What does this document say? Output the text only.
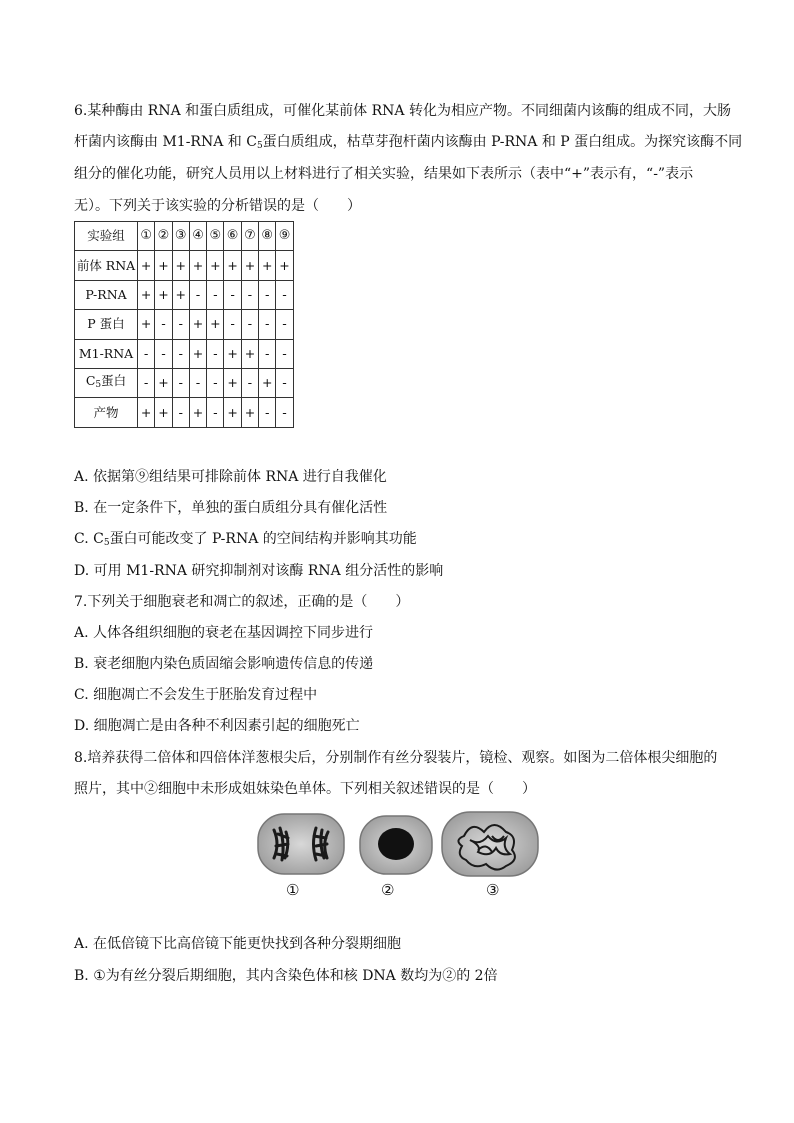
6.某种酶由 RNA 和蛋白质组成，可催化某前体 RNA 转化为相应产物。不同细菌内该酶的组成不同，大肠
杆菌内该酶由 M1-RNA 和 $C_5$蛋白质组成，枯草芽孢杆菌内该酶由 P-RNA 和 P 蛋白组成。为探究该酶不同
组分的催化功能，研究人员用以上材料进行了相关实验，结果如下表所示（表中“+”表示有，“-”表示
无）。下列关于该实验的分析错误的是（　　）
实验组	①	②	③	④	⑤	⑥	⑦	⑧	⑨
前体 RNA	+	+	+	+	+	+	+	+	+
P-RNA	+	+	+	-	-	-	-	-	-
P 蛋白	+	-	-	+	+	-	-	-	-
M1-RNA	-	-	-	+	-	+	+	-	-
$C_5$蛋白	-	+	-	-	-	+	-	+	-
产物	+	+	-	+	-	+	+	-	-
A. 依据第⑨组结果可排除前体 RNA 进行自我催化
B. 在一定条件下，单独的蛋白质组分具有催化活性
C. $C_5$蛋白可能改变了 P-RNA 的空间结构并影响其功能
D. 可用 M1-RNA 研究抑制剂对该酶 RNA 组分活性的影响
7.下列关于细胞衰老和凋亡的叙述，正确的是（　　）
A. 人体各组织细胞的衰老在基因调控下同步进行
B. 衰老细胞内染色质固缩会影响遗传信息的传递
C. 细胞凋亡不会发生于胚胎发育过程中
D. 细胞凋亡是由各种不利因素引起的细胞死亡
8.培养获得二倍体和四倍体洋葱根尖后，分别制作有丝分裂装片，镜检、观察。如图为二倍体根尖细胞的
照片，其中②细胞中未形成姐妹染色单体。下列相关叙述错误的是（　　）
①	②	③
A. 在低倍镜下比高倍镜下能更快找到各种分裂期细胞
B. ①为有丝分裂后期细胞，其内含染色体和核 DNA 数均为②的 2倍
